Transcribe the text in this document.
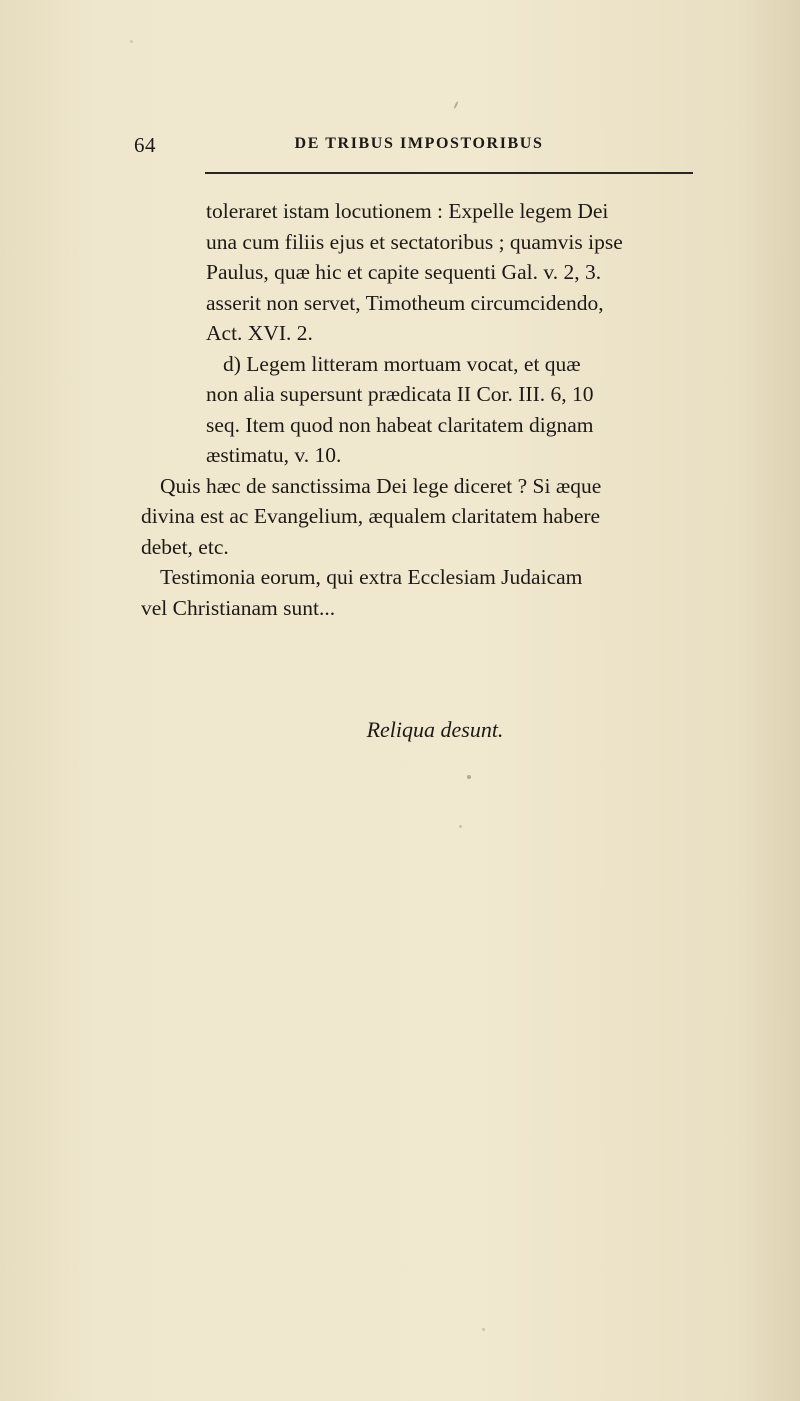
64	DE TRIBUS IMPOSTORIBUS
toleraret istam locutionem : Expelle legem Dei
una cum filiis ejus et sectatoribus ; quamvis ipse
Paulus, quæ hic et capite sequenti Gal. v. 2, 3.
asserit non servet, Timotheum circumcidendo,
Act. XVI. 2.
d) Legem litteram mortuam vocat, et quæ
non alia supersunt prædicata II Cor. III. 6, 10
seq. Item quod non habeat claritatem dignam
æstimatu, v. 10.
Quis hæc de sanctissima Dei lege diceret ? Si æque
divina est ac Evangelium, æqualem claritatem habere
debet, etc.
Testimonia eorum, qui extra Ecclesiam Judaicam
vel Christianam sunt...
Reliqua desunt.
